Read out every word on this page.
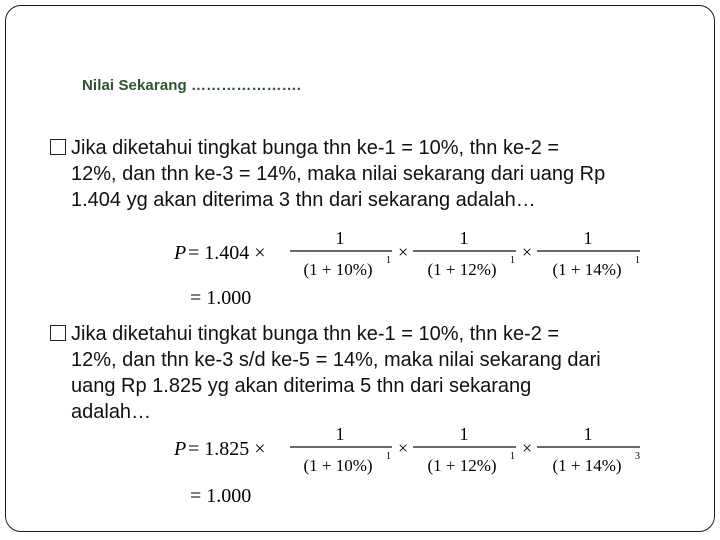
Nilai Sekarang ………………….
Jika diketahui tingkat bunga thn ke-1 = 10%, thn ke-2 =
12%, dan thn ke-3 = 14%, maka nilai sekarang dari uang Rp
1.404 yg akan diterima 3 thn dari sekarang adalah…
P = 1.404 ×
1
(1 + 10%) 1 ×
1
(1 + 12%) 1 ×
1
(1 + 14%) 1
= 1.000
Jika diketahui tingkat bunga thn ke-1 = 10%, thn ke-2 =
12%, dan thn ke-3 s/d ke-5 = 14%, maka nilai sekarang dari
uang Rp 1.825 yg akan diterima 5 thn dari sekarang
adalah…
P = 1.825 ×
1
(1 + 10%) 1 ×
1
(1 + 12%) 1 ×
1
(1 + 14%) 3
= 1.000
